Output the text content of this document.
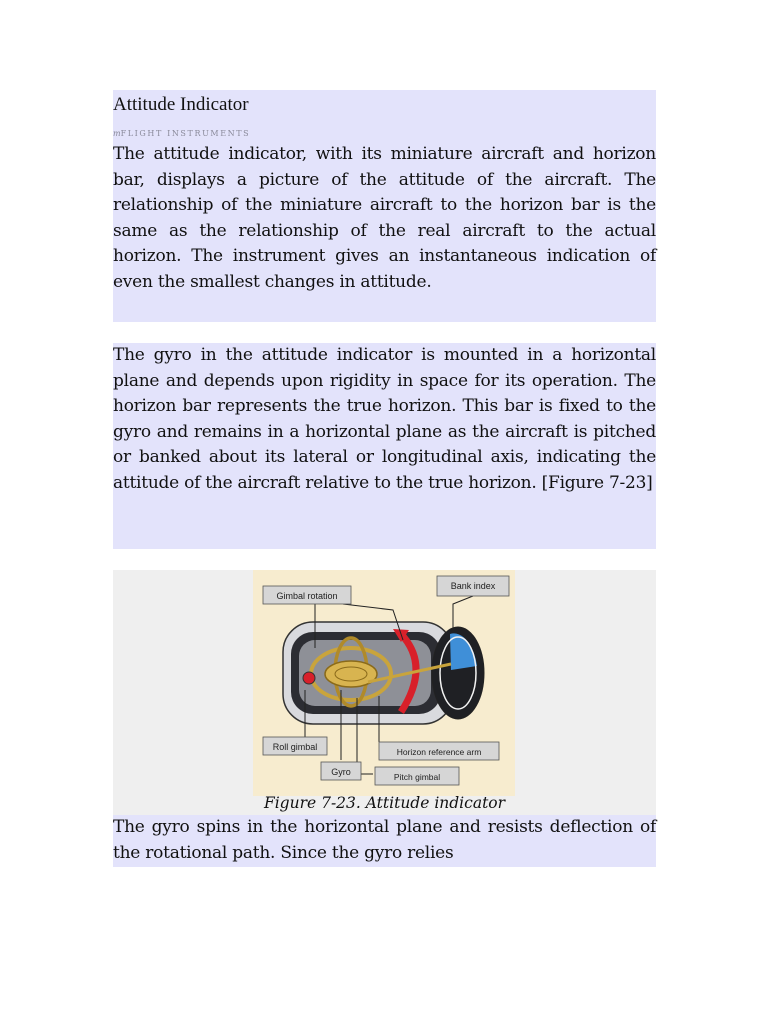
Attitude Indicator
mFLIGHT INSTRUMENTS
The attitude indicator, with its miniature aircraft and horizon bar, displays a picture of the attitude of the aircraft. The relationship of the miniature aircraft to the horizon bar is the same as the relationship of the real aircraft to the actual horizon. The instrument gives an instantaneous indication of even the smallest changes in attitude.
The gyro in the attitude indicator is mounted in a horizontal plane and depends upon rigidity in space for its operation. The horizon bar represents the true horizon. This bar is fixed to the gyro and remains in a horizontal plane as the aircraft is pitched or banked about its lateral or longitudinal axis, indicating the attitude of the aircraft relative to the true horizon. [Figure 7-23]
Gimbal rotation
Bank index
Roll gimbal
Gyro
Horizon reference arm
Pitch gimbal
Figure 7-23. Attitude indicator
The gyro spins in the horizontal plane and resists deflection of the rotational path. Since the gyro relies
